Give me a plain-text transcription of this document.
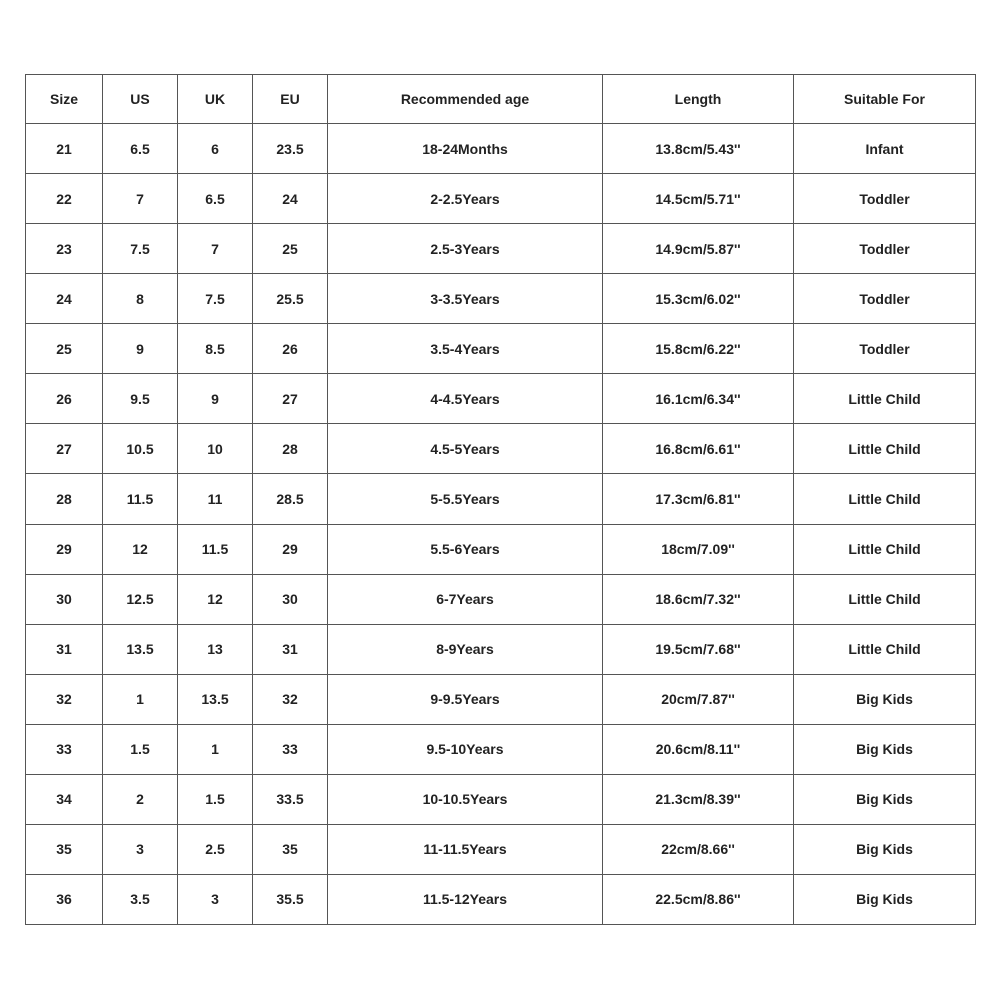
Size	US	UK	EU	Recommended age	Length	Suitable For
21	6.5	6	23.5	18-24Months	13.8cm/5.43''	Infant
22	7	6.5	24	2-2.5Years	14.5cm/5.71''	Toddler
23	7.5	7	25	2.5-3Years	14.9cm/5.87''	Toddler
24	8	7.5	25.5	3-3.5Years	15.3cm/6.02''	Toddler
25	9	8.5	26	3.5-4Years	15.8cm/6.22''	Toddler
26	9.5	9	27	4-4.5Years	16.1cm/6.34''	Little Child
27	10.5	10	28	4.5-5Years	16.8cm/6.61''	Little Child
28	11.5	11	28.5	5-5.5Years	17.3cm/6.81''	Little Child
29	12	11.5	29	5.5-6Years	18cm/7.09''	Little Child
30	12.5	12	30	6-7Years	18.6cm/7.32''	Little Child
31	13.5	13	31	8-9Years	19.5cm/7.68''	Little Child
32	1	13.5	32	9-9.5Years	20cm/7.87''	Big Kids
33	1.5	1	33	9.5-10Years	20.6cm/8.11''	Big Kids
34	2	1.5	33.5	10-10.5Years	21.3cm/8.39''	Big Kids
35	3	2.5	35	11-11.5Years	22cm/8.66''	Big Kids
36	3.5	3	35.5	11.5-12Years	22.5cm/8.86''	Big Kids
